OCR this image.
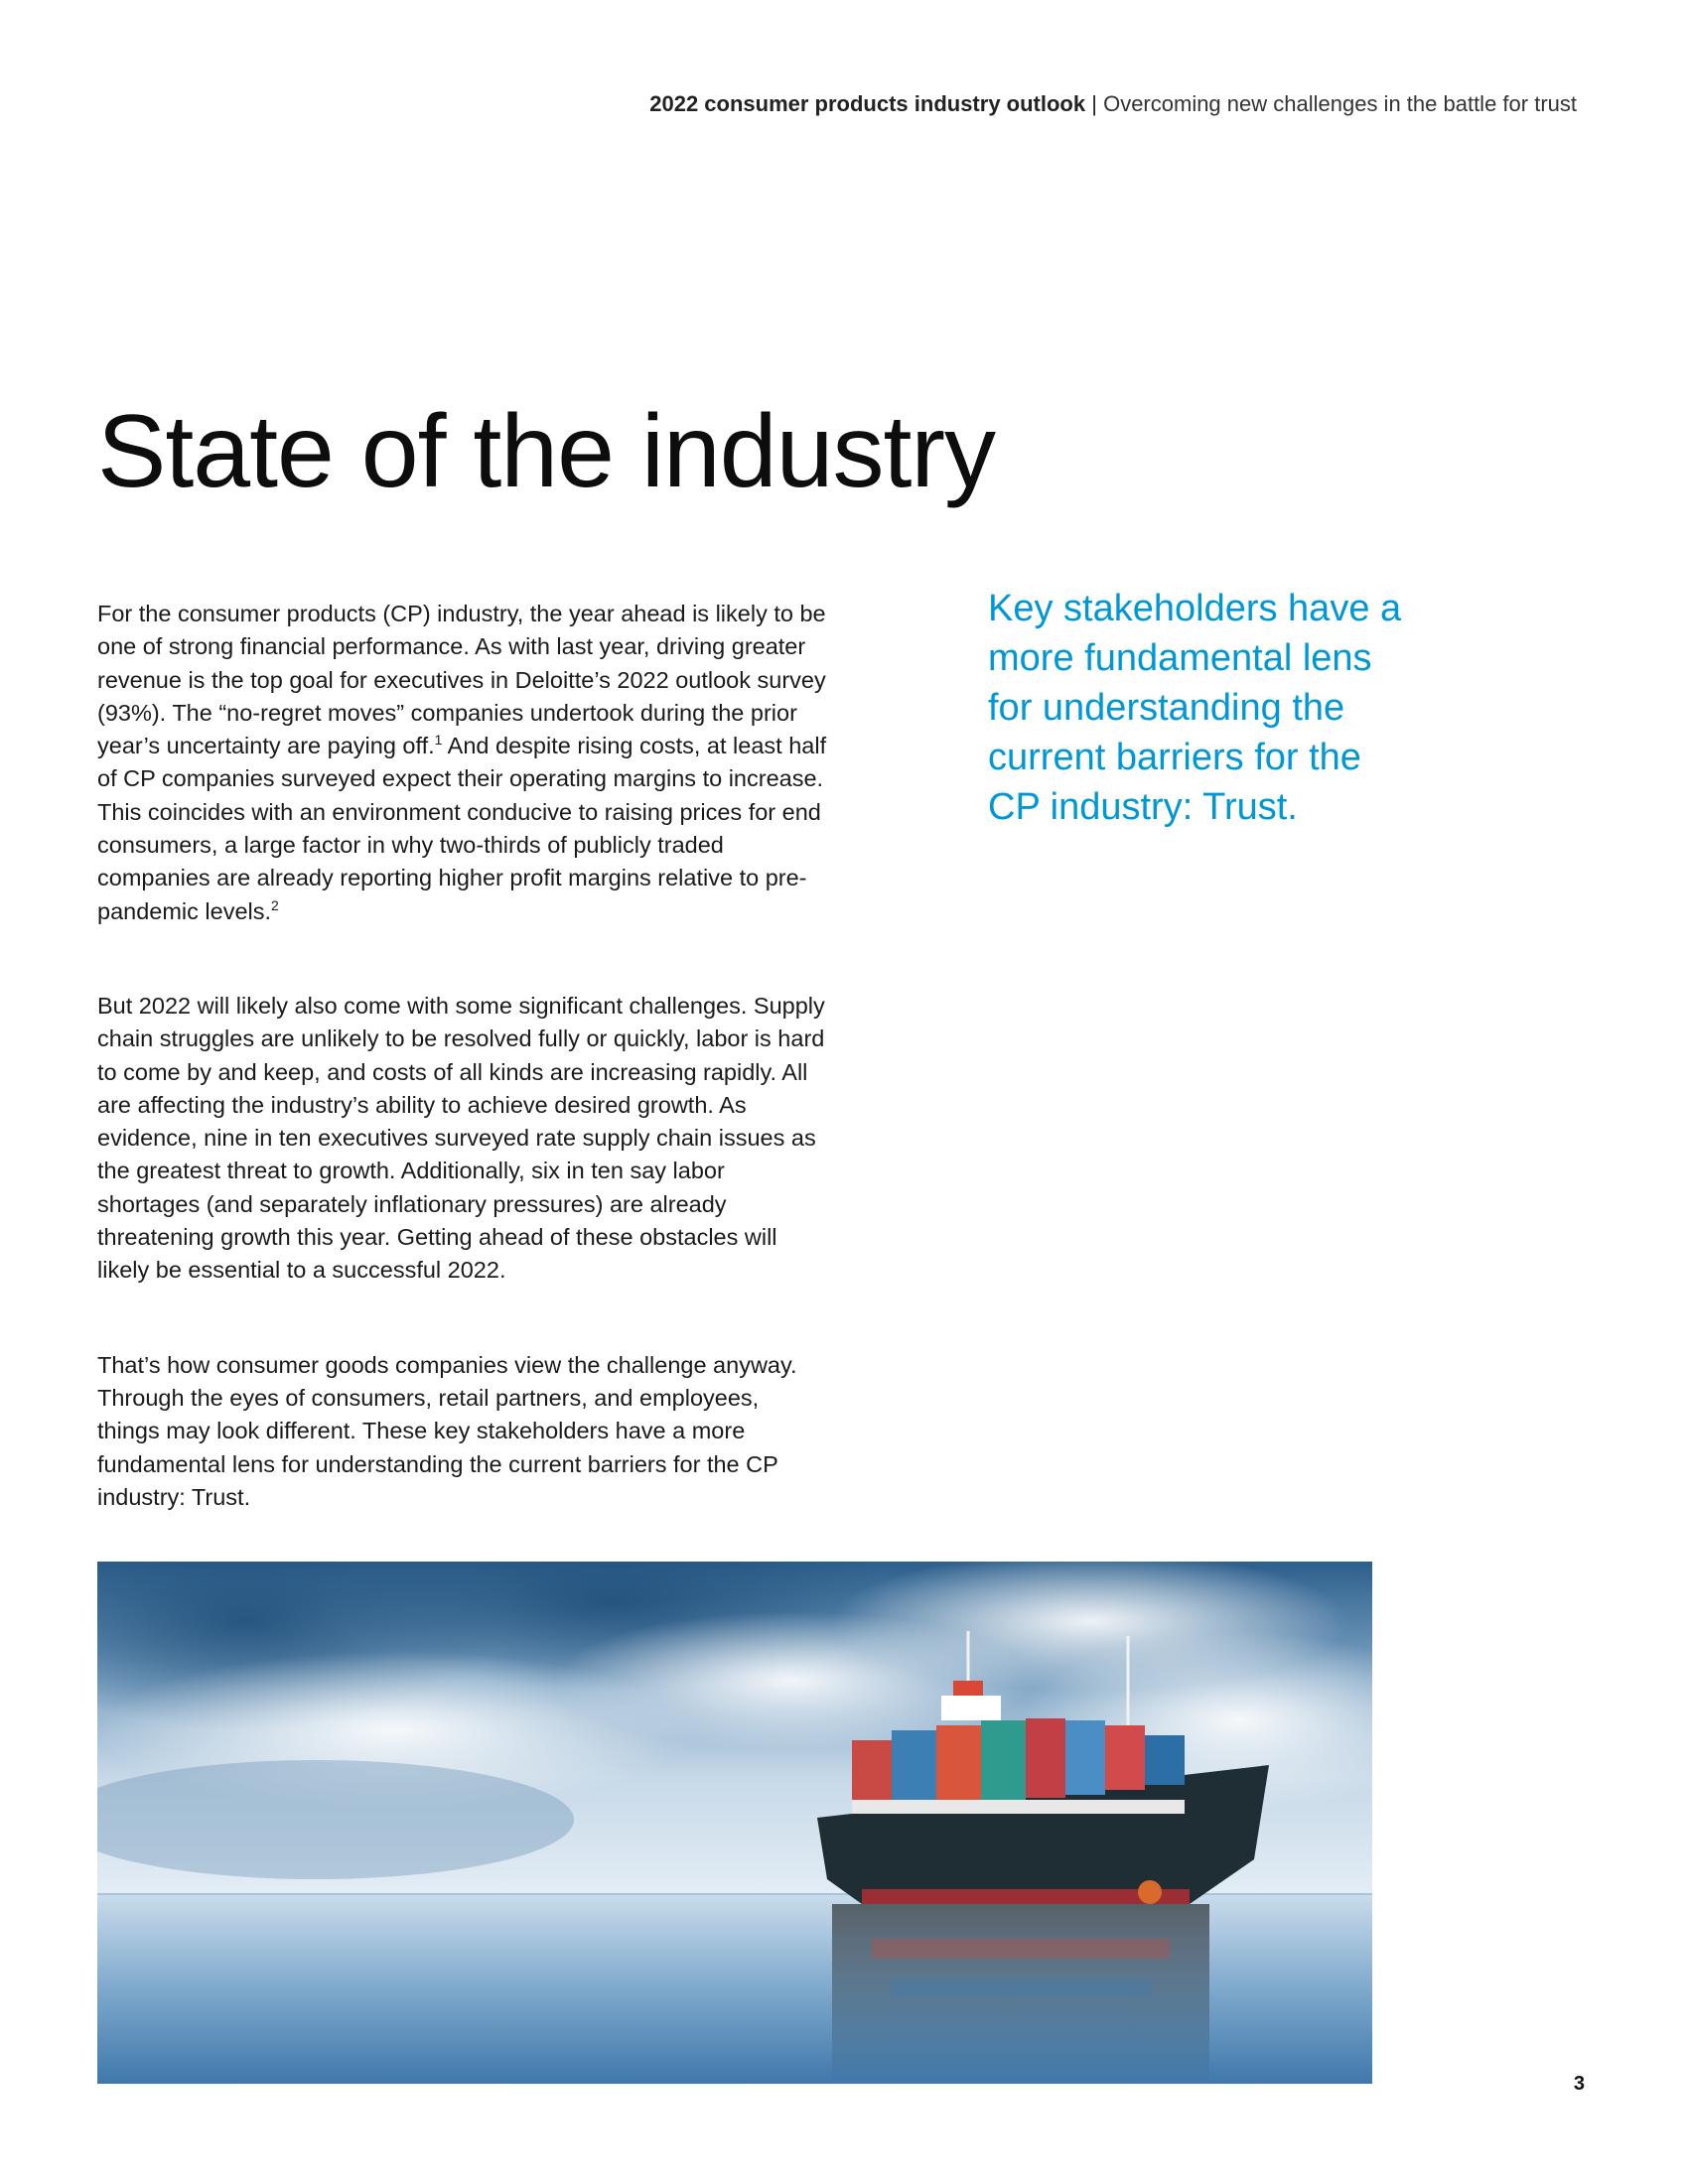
2022 consumer products industry outlook | Overcoming new challenges in the battle for trust
State of the industry

For the consumer products (CP) industry, the year ahead is likely to be one of strong financial performance. As with last year, driving greater revenue is the top goal for executives in Deloitte’s 2022 outlook survey (93%). The “no-regret moves” companies undertook during the prior year’s uncertainty are paying off.$^1$ And despite rising costs, at least half of CP companies surveyed expect their operating margins to increase. This coincides with an environment conducive to raising prices for end consumers, a large factor in why two-thirds of publicly traded companies are already reporting higher profit margins relative to pre-pandemic levels.$^2$

But 2022 will likely also come with some significant challenges. Supply chain struggles are unlikely to be resolved fully or quickly, labor is hard to come by and keep, and costs of all kinds are increasing rapidly. All are affecting the industry’s ability to achieve desired growth. As evidence, nine in ten executives surveyed rate supply chain issues as the greatest threat to growth. Additionally, six in ten say labor shortages (and separately inflationary pressures) are already threatening growth this year. Getting ahead of these obstacles will likely be essential to a successful 2022.

That’s how consumer goods companies view the challenge anyway. Through the eyes of consumers, retail partners, and employees, things may look different. These key stakeholders have a more fundamental lens for understanding the current barriers for the CP industry: Trust.

Key stakeholders have a more fundamental lens for understanding the current barriers for the CP industry: Trust.
3
